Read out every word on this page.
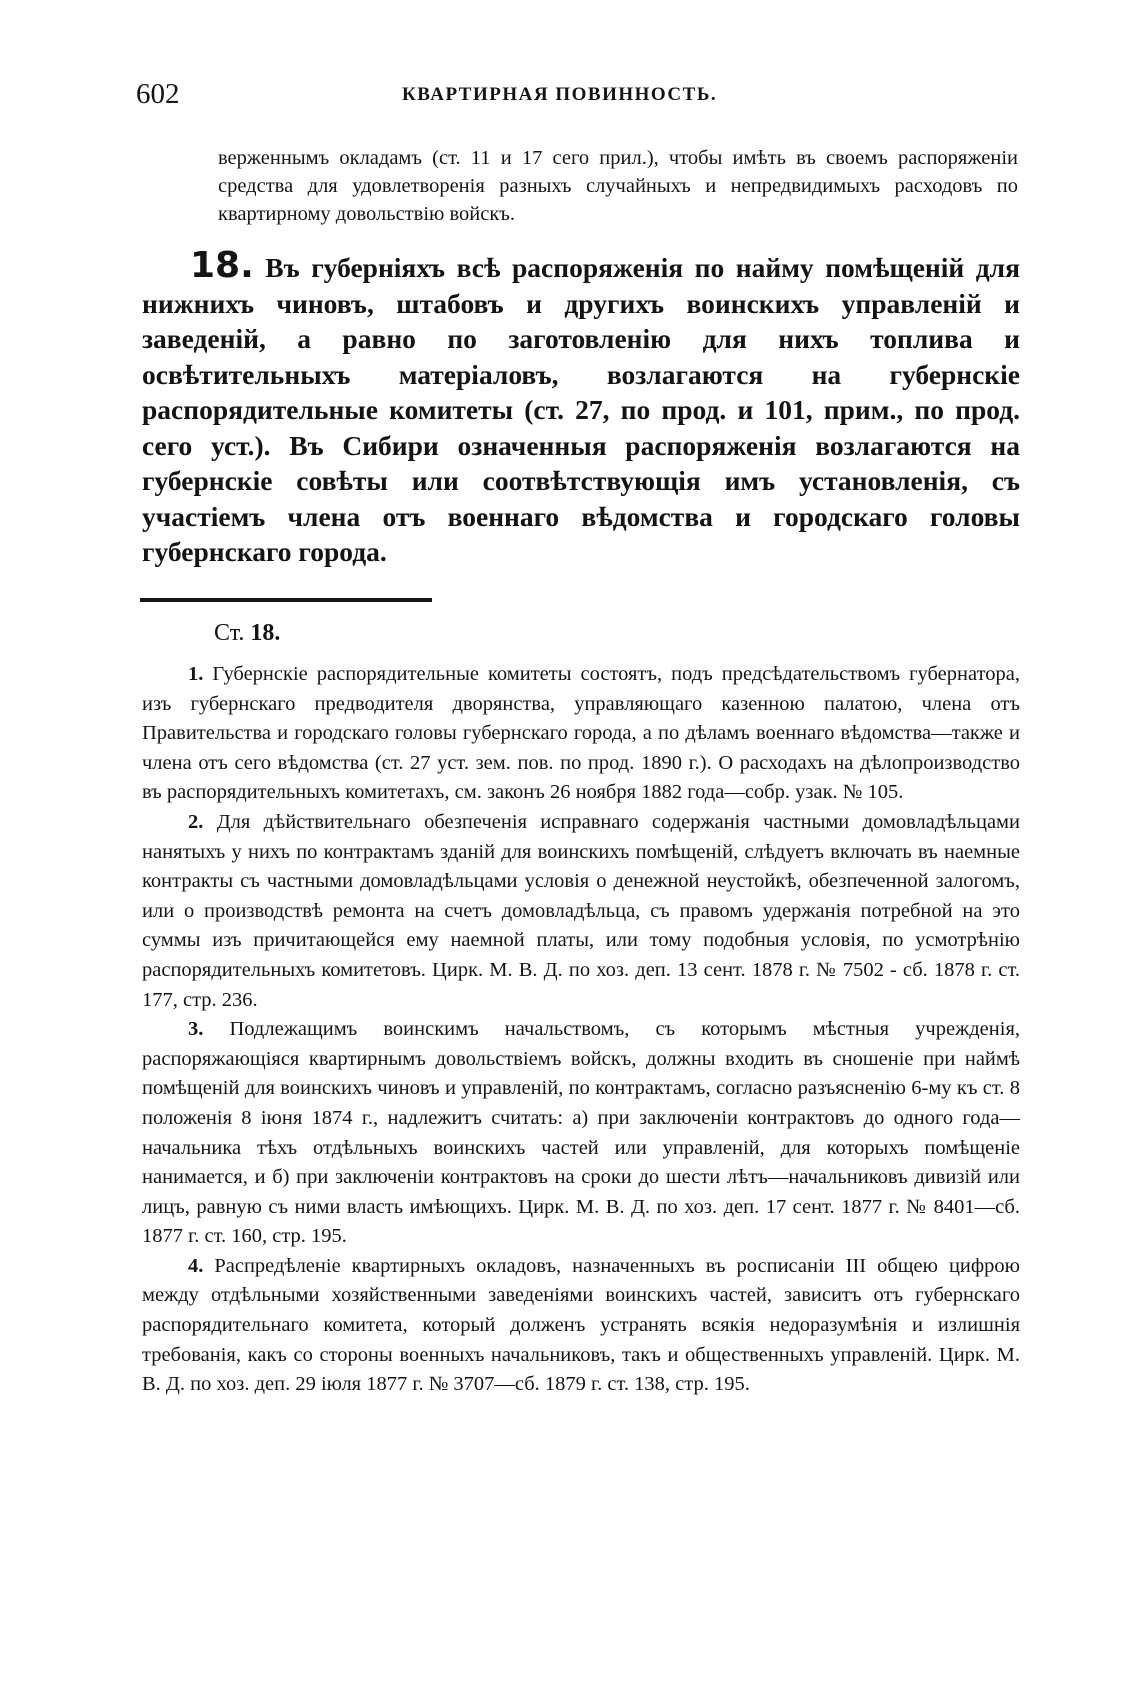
602	КВАРТИРНАЯ ПОВИННОСТЬ.

верженнымъ окладамъ (ст. 11 и 17 сего прил.), чтобы имѣть въ своемъ распоряженіи средства для удовлетворенія разныхъ случайныхъ и непредвидимыхъ расходовъ по квартирному довольствію войскъ.

18. Въ губерніяхъ всѣ распоряженія по найму помѣщеній для нижнихъ чиновъ, штабовъ и другихъ воинскихъ управленій и заведеній, а равно по заготовленію для нихъ топлива и освѣтительныхъ матеріаловъ, возлагаются на губернскіе распорядительные комитеты (ст. 27, по прод. и 101, прим., по прод. сего уст.). Въ Сибири означенныя распоряженія возлагаются на губернскіе совѣты или соотвѣтствующія имъ установленія, съ участіемъ члена отъ военнаго вѣдомства и городскаго головы губернскаго города.

Ст. 18.

1. Губернскіе распорядительные комитеты состоятъ, подъ предсѣдательствомъ губернатора, изъ губернскаго предводителя дворянства, управляющаго казенною палатою, члена отъ Правительства и городскаго головы губернскаго города, а по дѣламъ военнаго вѣдомства—также и члена отъ сего вѣдомства (ст. 27 уст. зем. пов. по прод. 1890 г.). О расходахъ на дѣлопроизводство въ распорядительныхъ комитетахъ, см. законъ 26 ноября 1882 года—собр. узак. № 105.

2. Для дѣйствительнаго обезпеченія исправнаго содержанія частными домовладѣльцами нанятыхъ у нихъ по контрактамъ зданій для воинскихъ помѣщеній, слѣдуетъ включать въ наемные контракты съ частными домовладѣльцами условія о денежной неустойкѣ, обезпеченной залогомъ, или о производствѣ ремонта на счетъ домовладѣльца, съ правомъ удержанія потребной на это суммы изъ причитающейся ему наемной платы, или тому подобныя условія, по усмотрѣнію распорядительныхъ комитетовъ. Цирк. М. В. Д. по хоз. деп. 13 сент. 1878 г. № 7502 - сб. 1878 г. ст. 177, стр. 236.

3. Подлежащимъ воинскимъ начальствомъ, съ которымъ мѣстныя учрежденія, распоряжающіяся квартирнымъ довольствіемъ войскъ, должны входить въ сношеніе при наймѣ помѣщеній для воинскихъ чиновъ и управленій, по контрактамъ, согласно разъясненію 6-му къ ст. 8 положенія 8 іюня 1874 г., надлежитъ считать: а) при заключеніи контрактовъ до одного года—начальника тѣхъ отдѣльныхъ воинскихъ частей или управленій, для которыхъ помѣщеніе нанимается, и б) при заключеніи контрактовъ на сроки до шести лѣтъ—начальниковъ дивизій или лицъ, равную съ ними власть имѣющихъ. Цирк. М. В. Д. по хоз. деп. 17 сент. 1877 г. № 8401—сб. 1877 г. ст. 160, стр. 195.

4. Распредѣленіе квартирныхъ окладовъ, назначенныхъ въ росписаніи III общею цифрою между отдѣльными хозяйственными заведеніями воинскихъ частей, зависитъ отъ губернскаго распорядительнаго комитета, который долженъ устранять всякія недоразумѣнія и излишнія требованія, какъ со стороны военныхъ начальниковъ, такъ и общественныхъ управленій. Цирк. М. В. Д. по хоз. деп. 29 іюля 1877 г. № 3707—сб. 1879 г. ст. 138, стр. 195.
